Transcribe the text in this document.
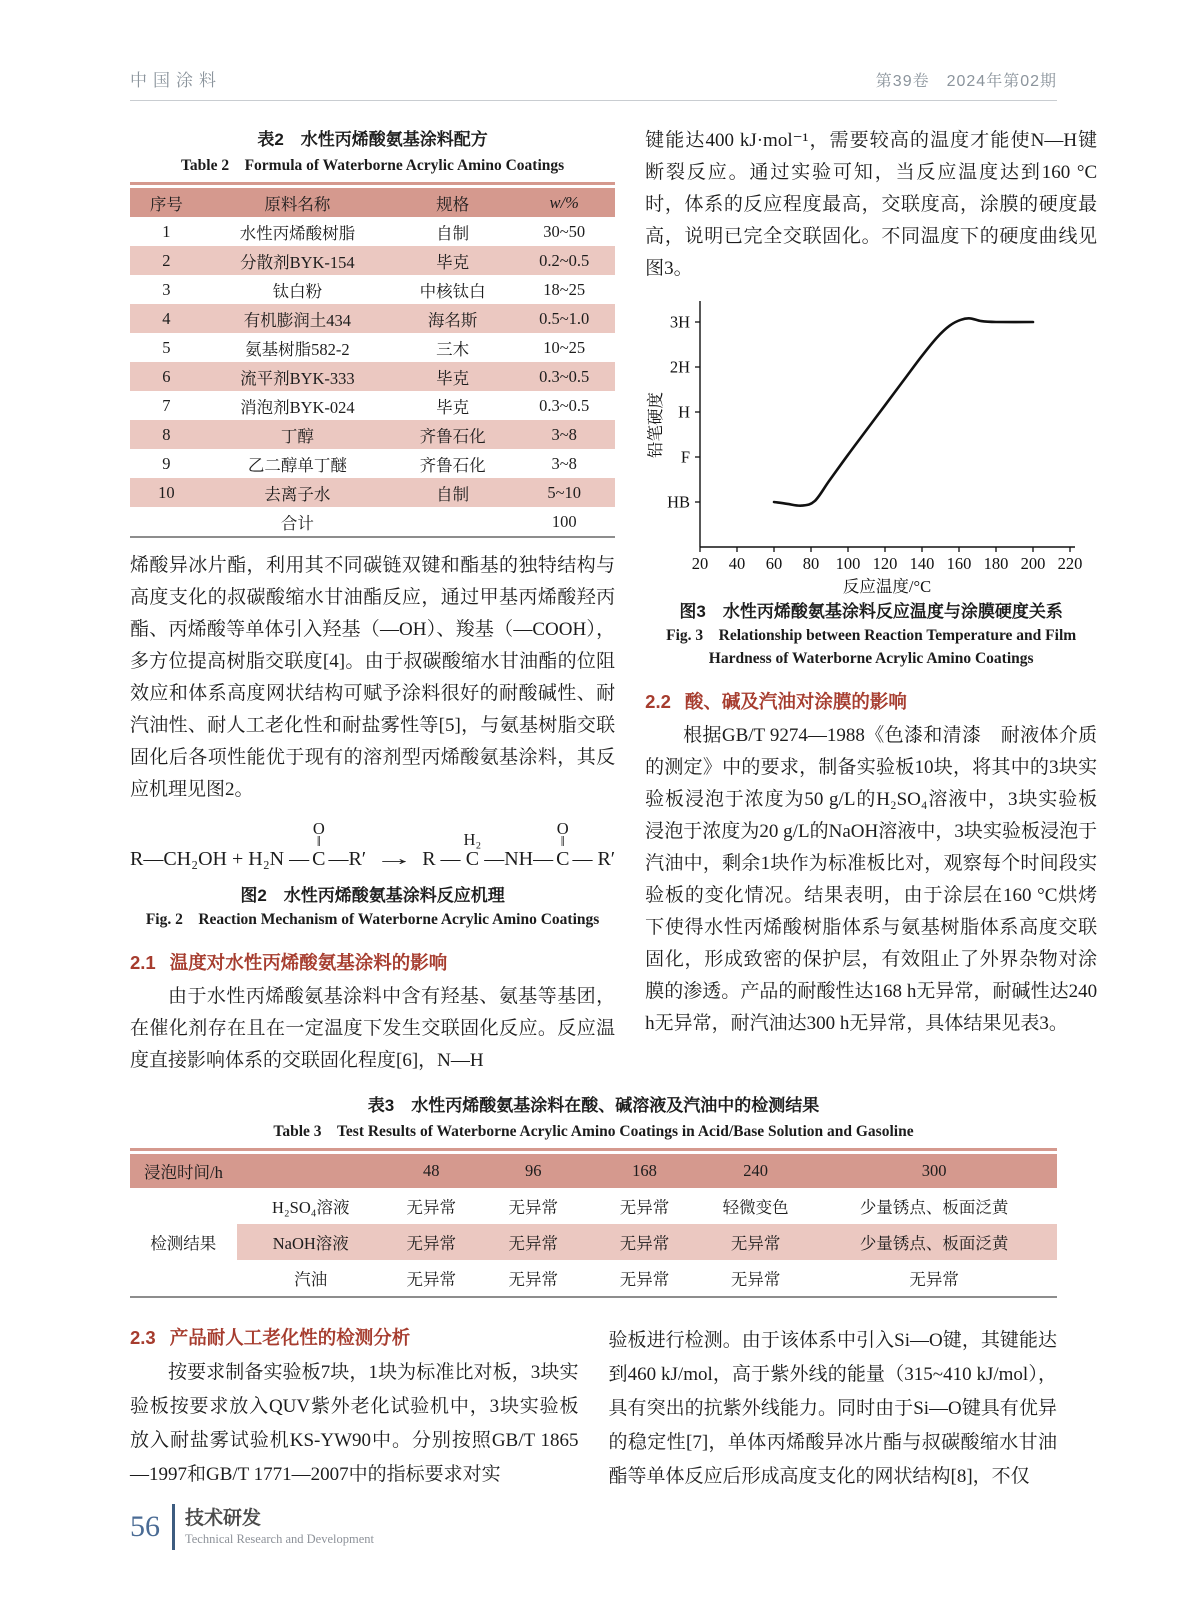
中国涂料	第39卷　2024年第02期
表2　水性丙烯酸氨基涂料配方
Table 2　Formula of Waterborne Acrylic Amino Coatings
序号	原料名称	规格	w/%
1	水性丙烯酸树脂	自制	30~50
2	分散剂BYK-154	毕克	0.2~0.5
3	钛白粉	中核钛白	18~25
4	有机膨润土434	海名斯	0.5~1.0
5	氨基树脂582-2	三木	10~25
6	流平剂BYK-333	毕克	0.3~0.5
7	消泡剂BYK-024	毕克	0.3~0.5
8	丁醇	齐鲁石化	3~8
9	乙二醇单丁醚	齐鲁石化	3~8
10	去离子水	自制	5~10
	合计		100

烯酸异冰片酯，利用其不同碳链双键和酯基的独特结构与高度支化的叔碳酸缩水甘油酯反应，通过甲基丙烯酸羟丙酯、丙烯酸等单体引入羟基（—OH）、羧基（—COOH），多方位提高树脂交联度[4]。由于叔碳酸缩水甘油酯的位阻效应和体系高度网状结构可赋予涂料很好的耐酸碱性、耐汽油性、耐人工老化性和耐盐雾性等[5]，与氨基树脂交联固化后各项性能优于现有的溶剂型丙烯酸氨基涂料，其反应机理见图2。

R—CH₂OH + H₂N —
O
‖
C —R′ → R —
H₂
C —NH—
O
‖
C — R′
图2　水性丙烯酸氨基涂料反应机理
Fig. 2　Reaction Mechanism of Waterborne Acrylic Amino Coatings
2.1 温度对水性丙烯酸氨基涂料的影响

由于水性丙烯酸氨基涂料中含有羟基、氨基等基团，在催化剂存在且在一定温度下发生交联固化反应。反应温度直接影响体系的交联固化程度[6]，N—H

键能达400 kJ·mol⁻¹，需要较高的温度才能使N—H键断裂反应。通过实验可知，当反应温度达到160 °C时，体系的反应程度最高，交联度高，涂膜的硬度最高，说明已完全交联固化。不同温度下的硬度曲线见图3。

HB
F
H
2H
3H
20 40 60 80 100 120 140 160 180 200 220
铅笔硬度
反应温度/°C
图3　水性丙烯酸氨基涂料反应温度与涂膜硬度关系
Fig. 3　Relationship between Reaction Temperature and Film Hardness of Waterborne Acrylic Amino Coatings
2.2 酸、碱及汽油对涂膜的影响

根据GB/T 9274—1988《色漆和清漆　耐液体介质的测定》中的要求，制备实验板10块，将其中的3块实验板浸泡于浓度为50 g/L的H₂SO₄溶液中，3块实验板浸泡于浓度为20 g/L的NaOH溶液中，3块实验板浸泡于汽油中，剩余1块作为标准板比对，观察每个时间段实验板的变化情况。结果表明，由于涂层在160 °C烘烤下使得水性丙烯酸树脂体系与氨基树脂体系高度交联固化，形成致密的保护层，有效阻止了外界杂物对涂膜的渗透。产品的耐酸性达168 h无异常，耐碱性达240 h无异常，耐汽油达300 h无异常，具体结果见表3。

表3　水性丙烯酸氨基涂料在酸、碱溶液及汽油中的检测结果
Table 3　Test Results of Waterborne Acrylic Amino Coatings in Acid/Base Solution and Gasoline
浸泡时间/h		48	96	168	240	300
检测结果	H₂SO₄溶液	无异常	无异常	无异常	轻微变色	少量锈点、板面泛黄
	NaOH溶液	无异常	无异常	无异常	无异常	少量锈点、板面泛黄
	汽油	无异常	无异常	无异常	无异常	无异常
2.3 产品耐人工老化性的检测分析

按要求制备实验板7块，1块为标准比对板，3块实验板按要求放入QUV紫外老化试验机中，3块实验板放入耐盐雾试验机KS-YW90中。分别按照GB/T 1865—1997和GB/T 1771—2007中的指标要求对实

验板进行检测。由于该体系中引入Si—O键，其键能达到460 kJ/mol，高于紫外线的能量（315~410 kJ/mol），具有突出的抗紫外线能力。同时由于Si—O键具有优异的稳定性[7]，单体丙烯酸异冰片酯与叔碳酸缩水甘油酯等单体反应后形成高度支化的网状结构[8]，不仅

56 技术研发
Technical Research and Development
